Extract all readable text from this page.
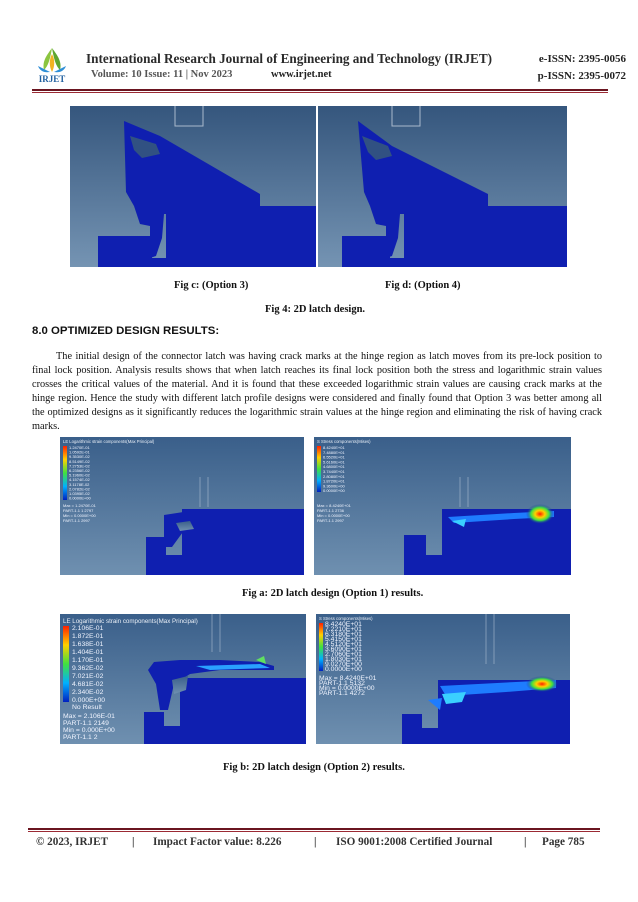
IRJET
International Research Journal of Engineering and Technology (IRJET)	e-ISSN: 2395-0056
Volume: 10 Issue: 11 | Nov 2023	www.irjet.net	p-ISSN: 2395-0072
Fig c: (Option 3)	Fig d: (Option 4)
Fig 4: 2D latch design.
8.0 OPTIMIZED DESIGN RESULTS:

The initial design of the connector latch was having crack marks at the hinge region as latch moves from its pre-lock position to final lock position. Analysis results shows that when latch reaches its final lock position both the stress and logarithmic strain values crosses the critical values of the material. And it is found that these exceeded logarithmic strain values are causing crack marks at the hinge region. Hence the study with different latch profile designs were considered and finally found that Option 3 was better among all the optimized designs as it significantly reduces the logarithmic strain values at the hinge region and eliminating the risk of having crack marks.

LE Logarithmic strain components(Max Principal)
1.2470E-01
1.0592E-01
9.3530E-02
8.5149E-02
7.2753E-02
6.2356E-02
5.1960E-02
4.1574E-02
3.1178E-02
2.0782E-02
1.0395E-02
0.0000E+00
Max = 1.2470E-01
PART-1.1 1 2797
Min = 0.0000E+00
PART-1.1 2997
S Stress components(Mises)
8.4240E+01
7.4880E+01
6.5520E+01
5.6160E+01
4.6800E+01
3.7440E+01
2.8080E+01
1.8720E+01
9.3600E+00
0.0000E+00
Max = 8.4240E+01
PART-1.1 2736
Min = 0.0000E+00
PART-1.1 2997
Fig a: 2D latch design (Option 1) results.
LE Logarithmic strain components(Max Principal)
2.106E-01
1.872E-01
1.638E-01
1.404E-01
1.170E-01
9.362E-02
7.021E-02
4.681E-02
2.340E-02
0.000E+00
No Result
Max = 2.106E-01
PART-1.1 2149
Min = 0.000E+00
PART-1.1 2
S Stress components(Mises)
8.4240E+01
7.2210E+01
6.3180E+01
5.4150E+01
4.5120E+01
3.6090E+01
2.7060E+01
1.8030E+01
9.0270E+00
0.0000E+00
Max = 8.4240E+01
PART-1.1 5132
Min = 0.0000E+00
PART-1.1 4272
Fig b: 2D latch design (Option 2) results.
© 2023, IRJET | Impact Factor value: 8.226	| ISO 9001:2008 Certified Journal	| Page 785
